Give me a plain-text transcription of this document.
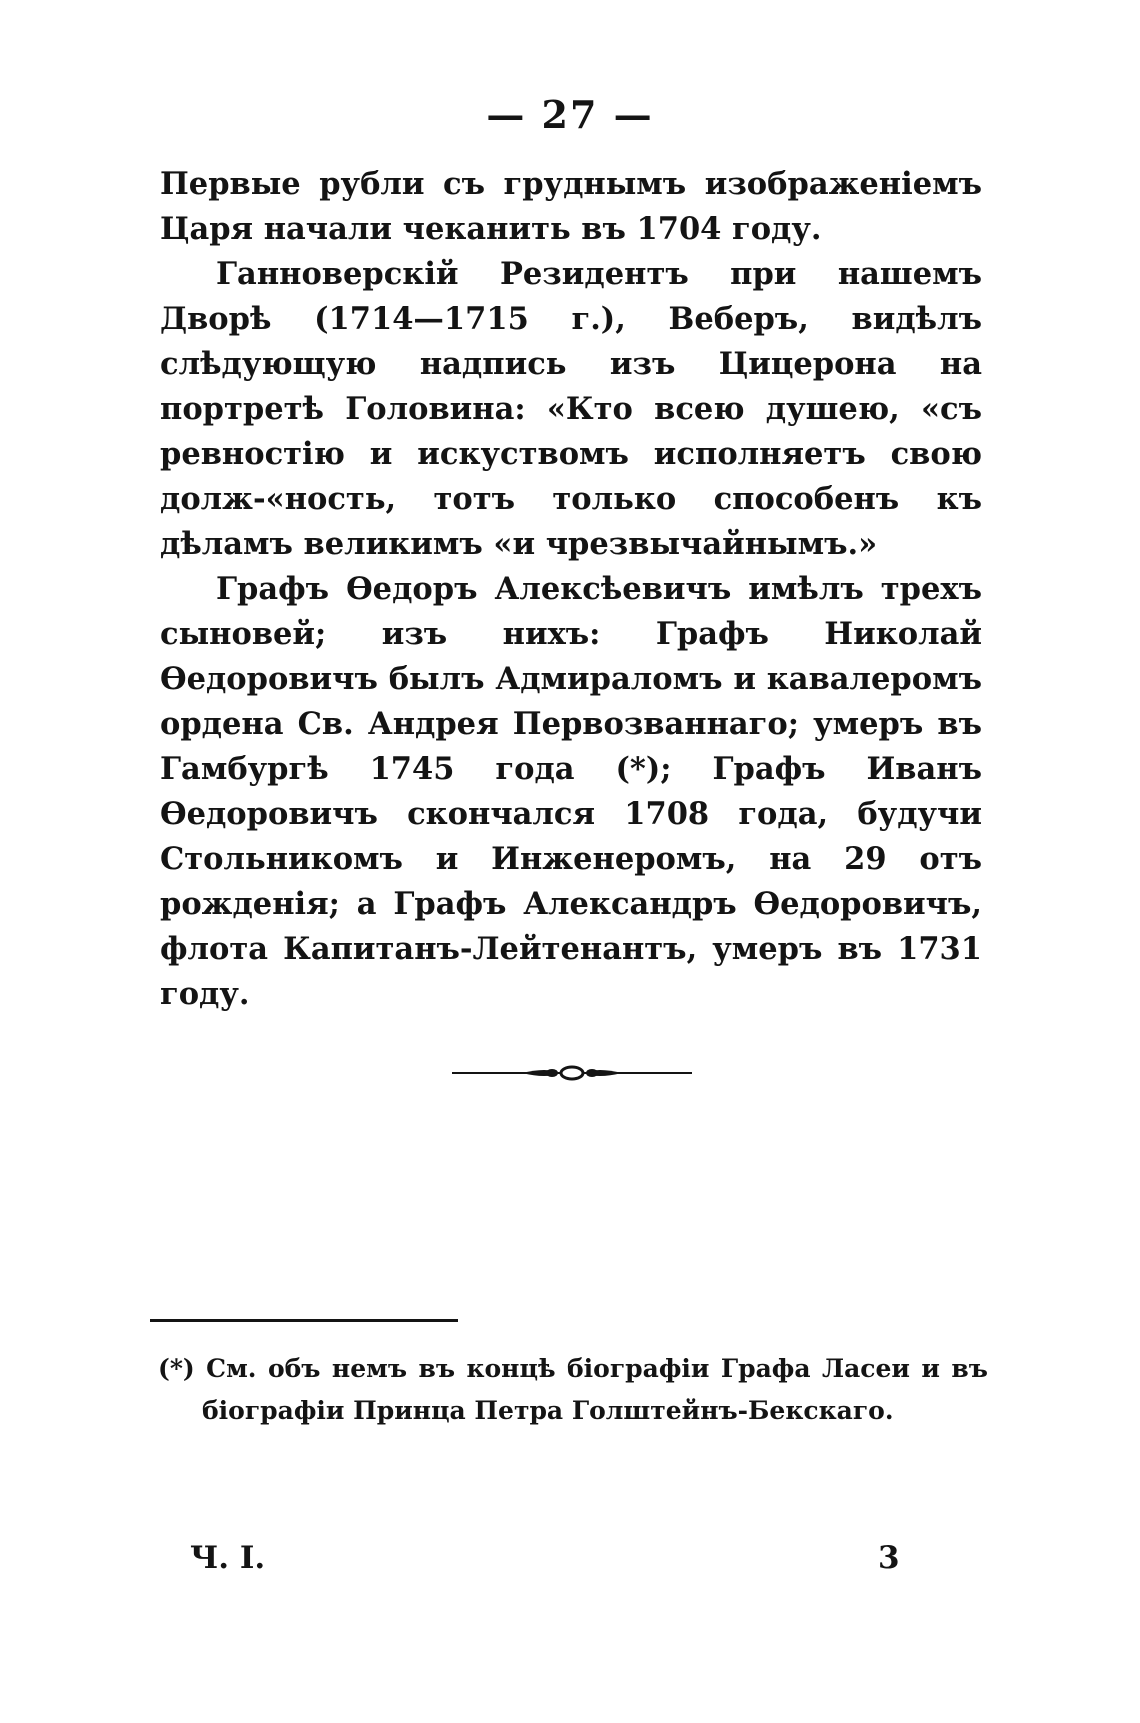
— 27 —

Первые рубли съ груднымъ изображенiемъ Царя начали чеканить въ 1704 году.

Ганноверскiй Резидентъ при нашемъ Дворѣ (1714—1715 г.), Веберъ, видѣлъ слѣдующую надпись изъ Цицерона на портретѣ Головина: «Кто всею душею, «съ ревностiю и искуствомъ исполняетъ свою долж-«ность, тотъ только способенъ къ дѣламъ великимъ «и чрезвычайнымъ.»

Графъ Ѳедоръ Алексѣевичъ имѣлъ трехъ сыновей; изъ нихъ: Графъ Николай Ѳедоровичъ былъ Адмираломъ и кавалеромъ ордена Св. Андрея Первозваннаго; умеръ въ Гамбургѣ 1745 года (*); Графъ Иванъ Ѳедоровичъ скончался 1708 года, будучи Стольникомъ и Инженеромъ, на 29 отъ рожденiя; а Графъ Александръ Ѳедоровичъ, флота Капитанъ-Лейтенантъ, умеръ въ 1731 году.

(*) См. объ немъ въ концѣ бiографiи Графа Ласеи и въ
бiографiи Принца Петра Голштейнъ-Бекскаго.
Ч. I.	3
